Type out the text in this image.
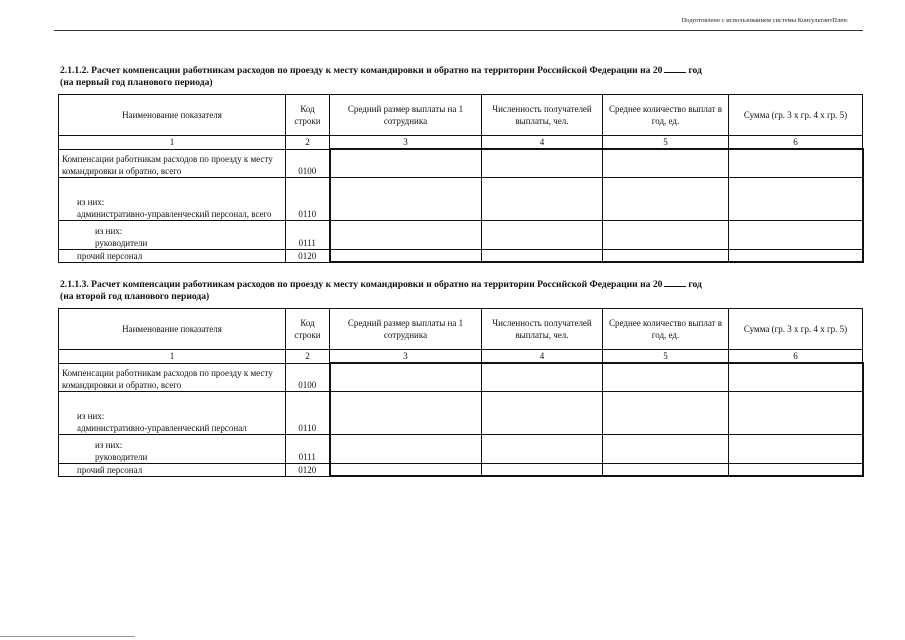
Подготовлено с использованием системы КонсультантПлюс
2.1.1.2. Расчет компенсации работникам расходов по проезду к месту командировки и обратно на территории Российской Федерации на 20	год
(на первый год планового периода)
Наименование показателя	Код строки	Средний размер выплаты на 1 сотрудника	Численность получателей выплаты, чел.	Среднее количество выплат в год, ед.	Сумма (гр. 3 х гр. 4 х гр. 5)
1	2	3	4	5	6
Компенсации работникам расходов по проезду к месту командировки и обратно, всего	0100				

из них:
административно-управленческий персонал, всего	0110				

из них:
руководители	0111				
прочий персонал	0120				
2.1.1.3. Расчет компенсации работникам расходов по проезду к месту командировки и обратно на территории Российской Федерации на 20	год
(на второй год планового периода)
Наименование показателя	Код строки	Средний размер выплаты на 1 сотрудника	Численность получателей выплаты, чел.	Среднее количество выплат в год, ед.	Сумма (гр. 3 х гр. 4 х гр. 5)
1	2	3	4	5	6
Компенсации работникам расходов по проезду к месту командировки и обратно, всего	0100				

из них:
административно-управленческий персонал	0110				

из них:
руководители	0111				
прочий персонал	0120				
